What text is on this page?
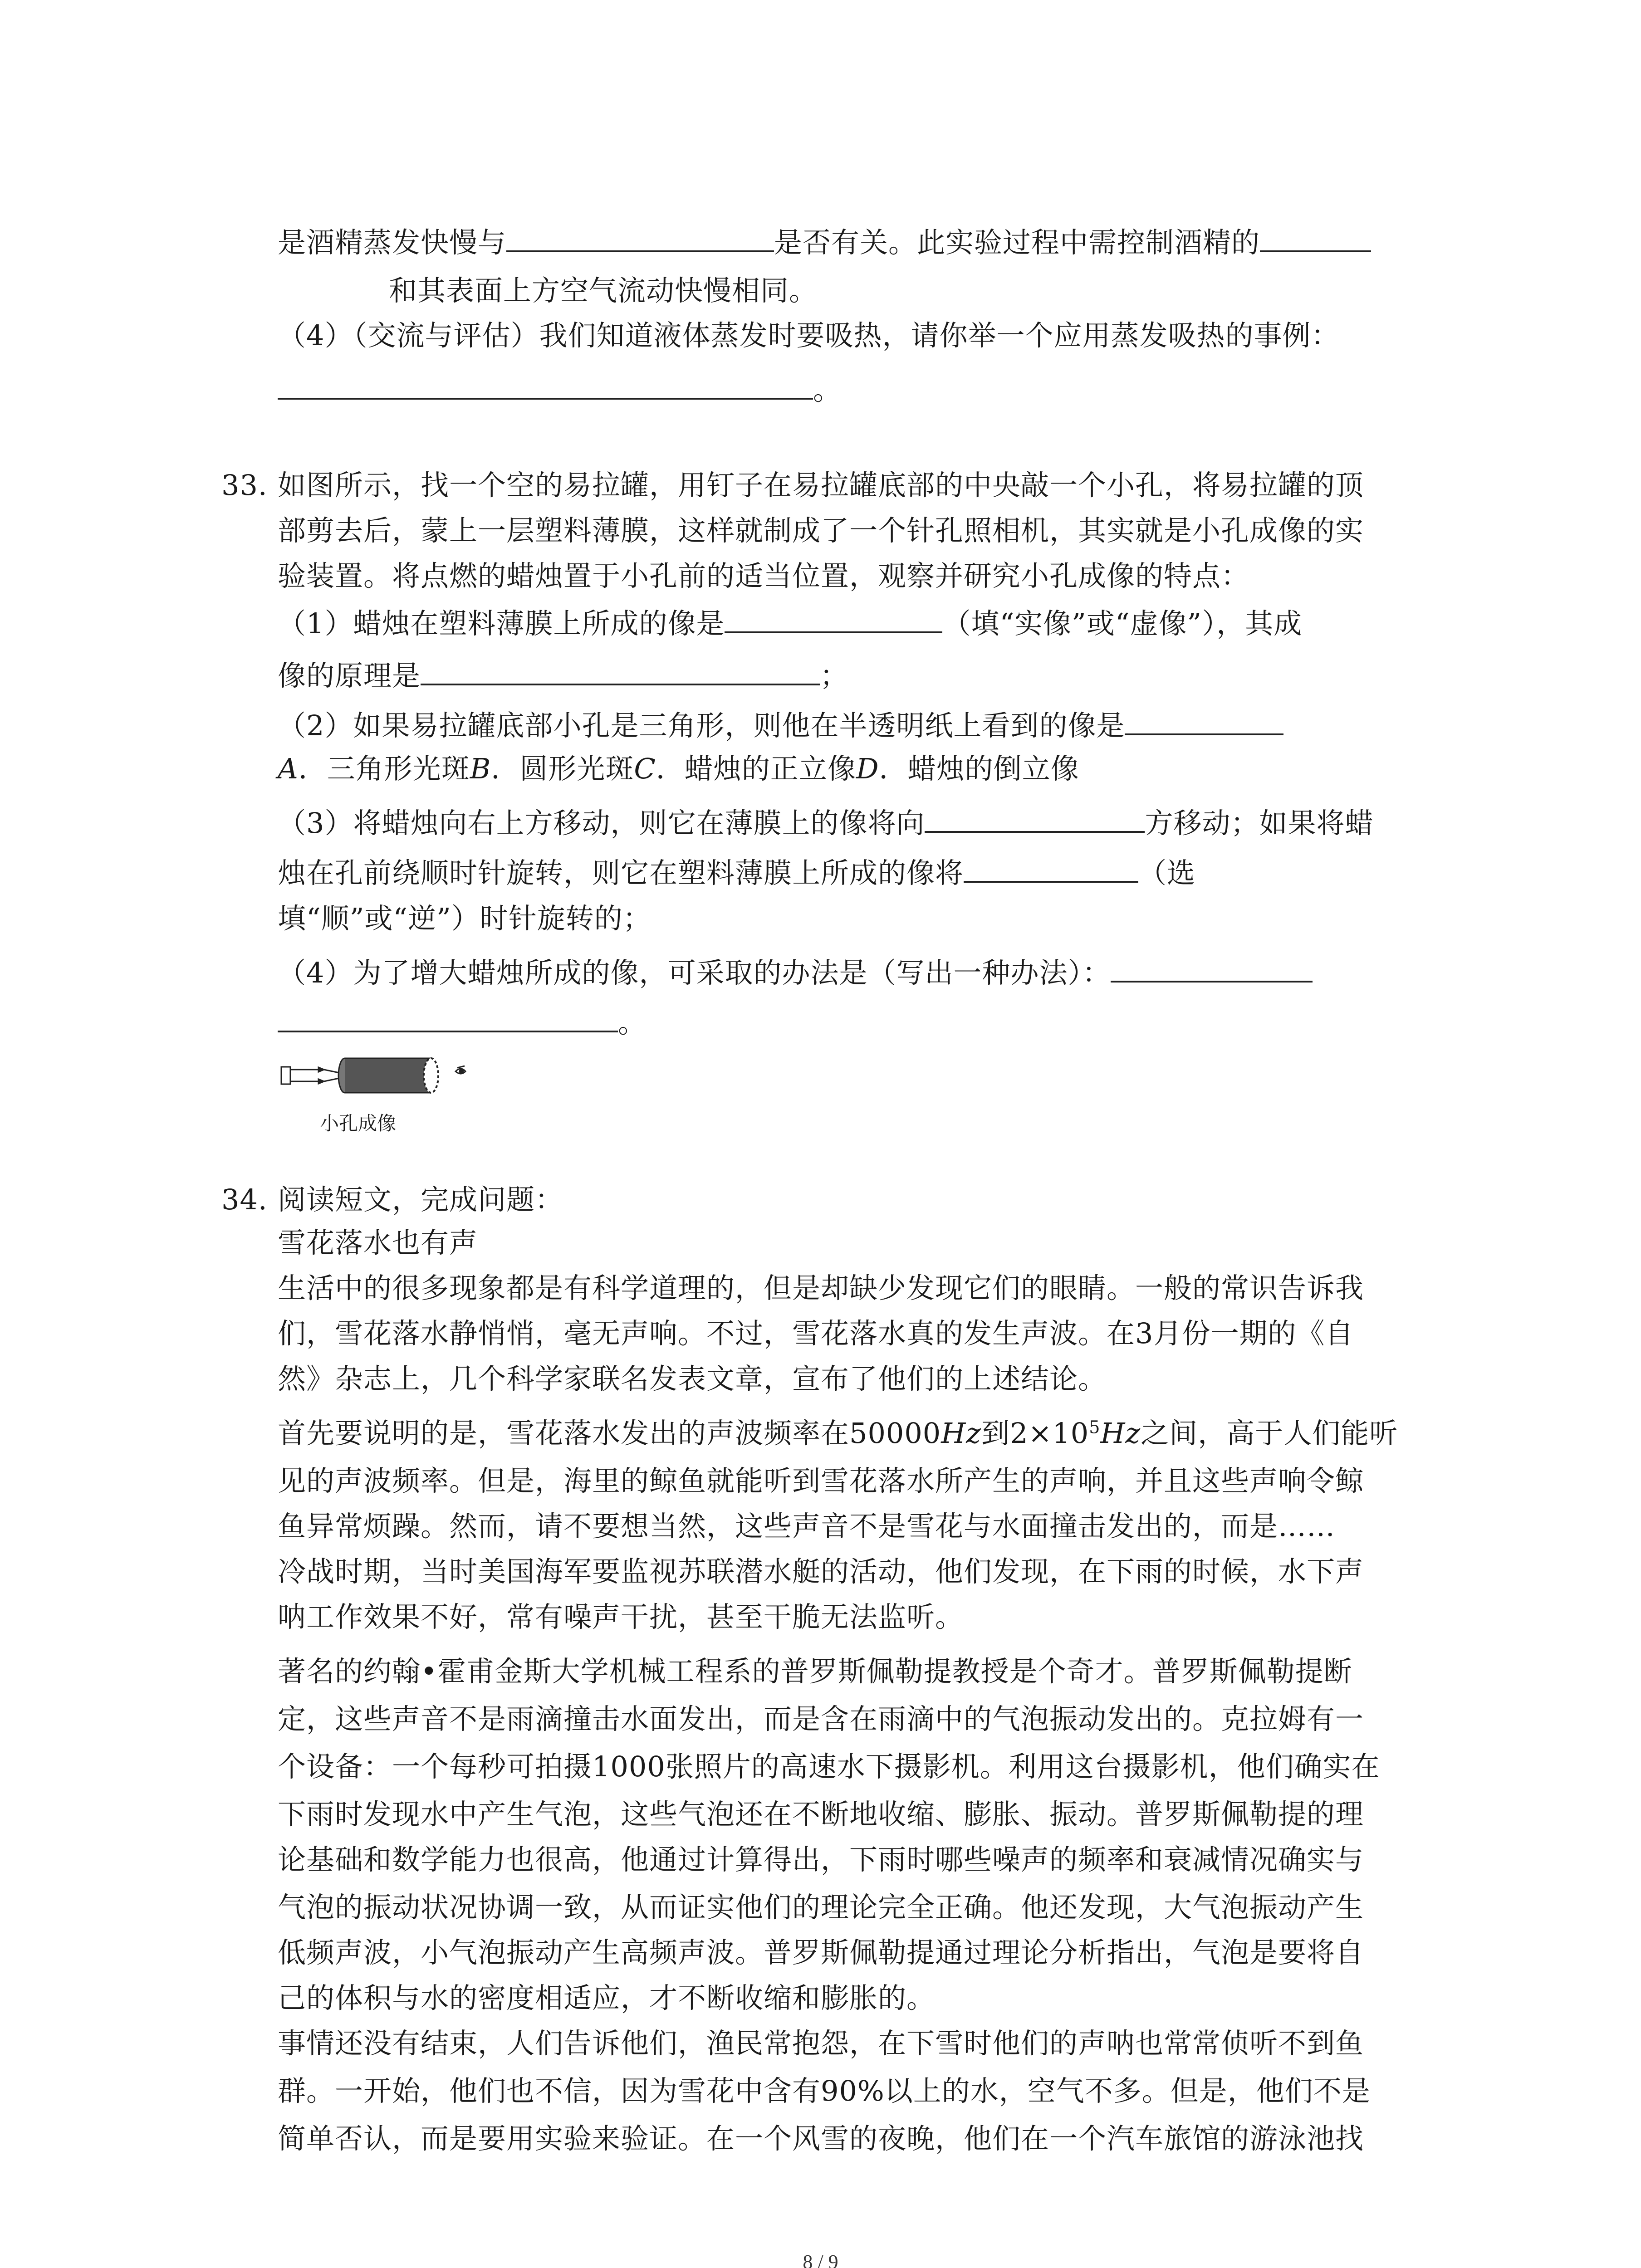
是酒精蒸发快慢与	是否有关。此实验过程中需控制酒精的
和其表面上方空气流动快慢相同。
（4）（交流与评估）我们知道液体蒸发时要吸热，请你举一个应用蒸发吸热的事例：
。
33. 如图所示，找一个空的易拉罐，用钉子在易拉罐底部的中央敲一个小孔，将易拉罐的顶
部剪去后，蒙上一层塑料薄膜，这样就制成了一个针孔照相机，其实就是小孔成像的实
验装置。将点燃的蜡烛置于小孔前的适当位置，观察并研究小孔成像的特点：
（1）蜡烛在塑料薄膜上所成的像是	（填“实像”或“虚像”），其成
像的原理是	；
（2）如果易拉罐底部小孔是三角形，则他在半透明纸上看到的像是
A．三角形光斑B．圆形光斑C．蜡烛的正立像D．蜡烛的倒立像
（3）将蜡烛向右上方移动，则它在薄膜上的像将向	方移动；如果将蜡
烛在孔前绕顺时针旋转，则它在塑料薄膜上所成的像将	（选
填“顺”或“逆”）时针旋转的；
（4）为了增大蜡烛所成的像，可采取的办法是（写出一种办法）：
。
小孔成像
34. 阅读短文，完成问题：
雪花落水也有声
生活中的很多现象都是有科学道理的，但是却缺少发现它们的眼睛。一般的常识告诉我
们，雪花落水静悄悄，毫无声响。不过，雪花落水真的发生声波。在3月份一期的《自
然》杂志上，几个科学家联名发表文章，宣布了他们的上述结论。
首先要说明的是，雪花落水发出的声波频率在50000Hz到$2\times 10^5Hz$之间，高于人们能听
见的声波频率。但是，海里的鲸鱼就能听到雪花落水所产生的声响，并且这些声响令鲸
鱼异常烦躁。然而，请不要想当然，这些声音不是雪花与水面撞击发出的，而是……
冷战时期，当时美国海军要监视苏联潜水艇的活动，他们发现，在下雨的时候，水下声
呐工作效果不好，常有噪声干扰，甚至干脆无法监听。
著名的约翰•霍甫金斯大学机械工程系的普罗斯佩勒提教授是个奇才。普罗斯佩勒提断
定，这些声音不是雨滴撞击水面发出，而是含在雨滴中的气泡振动发出的。克拉姆有一
个设备：一个每秒可拍摄1000张照片的高速水下摄影机。利用这台摄影机，他们确实在
下雨时发现水中产生气泡，这些气泡还在不断地收缩、膨胀、振动。普罗斯佩勒提的理
论基础和数学能力也很高，他通过计算得出，下雨时哪些噪声的频率和衰减情况确实与
气泡的振动状况协调一致，从而证实他们的理论完全正确。他还发现，大气泡振动产生
低频声波，小气泡振动产生高频声波。普罗斯佩勒提通过理论分析指出，气泡是要将自
己的体积与水的密度相适应，才不断收缩和膨胀的。
事情还没有结束，人们告诉他们，渔民常抱怨，在下雪时他们的声呐也常常侦听不到鱼
群。一开始，他们也不信，因为雪花中含有90%以上的水，空气不多。但是，他们不是
简单否认，而是要用实验来验证。在一个风雪的夜晚，他们在一个汽车旅馆的游泳池找
8 / 9
